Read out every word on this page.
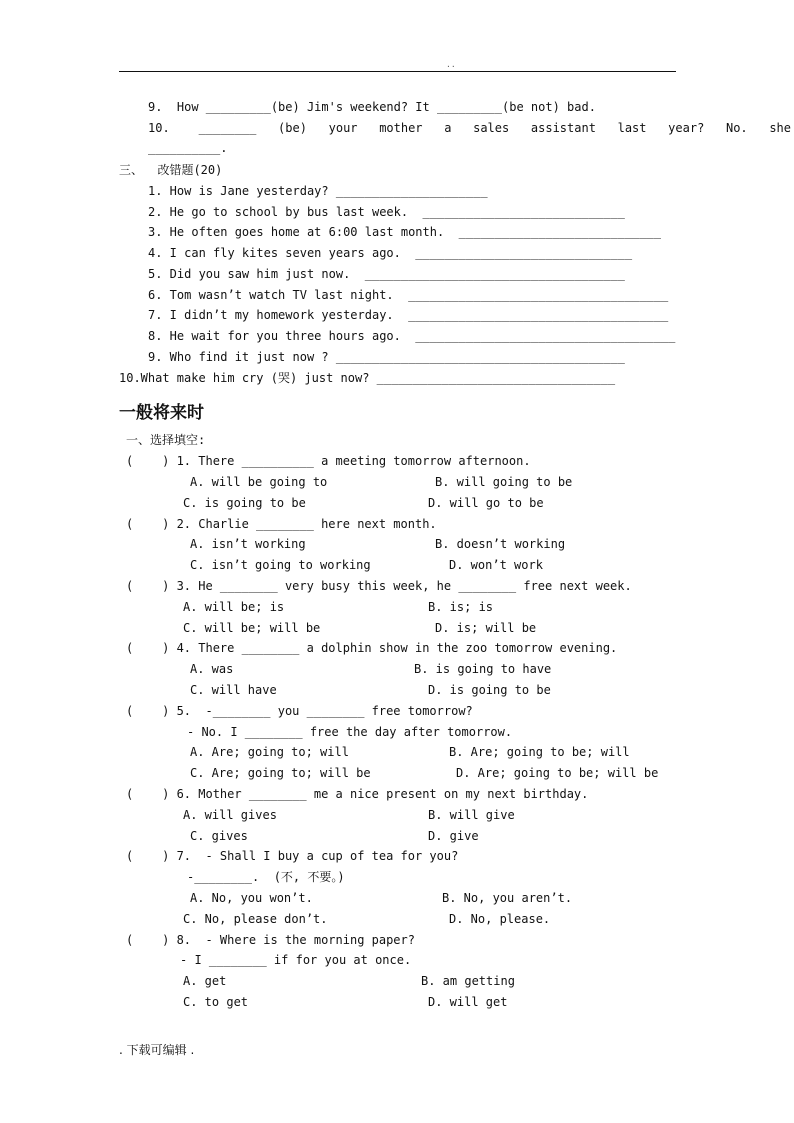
..
9.  How _________(be) Jim's weekend? It _________(be not) bad.
10.    ________   (be)   your   mother   a   sales   assistant   last   year?   No.   she
__________.
三、  改错题(20)
1. How is Jane yesterday? _____________________
2. He go to school by bus last week.  ____________________________
3. He often goes home at 6:00 last month.  ____________________________
4. I can fly kites seven years ago.  ______________________________
5. Did you saw him just now.  ____________________________________
6. Tom wasn’t watch TV last night.  ____________________________________
7. I didn’t my homework yesterday.  ____________________________________
8. He wait for you three hours ago.  ____________________________________
9. Who find it just now ? ________________________________________
10.What make him cry (哭) just now? _________________________________
一般将来时
一、选择填空:
(    ) 1. There __________ a meeting tomorrow afternoon.
A. will be going to	B. will going to be
C. is going to be	D. will go to be
(    ) 2. Charlie ________ here next month.
A. isn’t working	B. doesn’t working
C. isn’t going to working	D. won’t work
(    ) 3. He ________ very busy this week, he ________ free next week.
A. will be; is	B. is; is
C. will be; will be	D. is; will be
(    ) 4. There ________ a dolphin show in the zoo tomorrow evening.
A. was	B. is going to have
C. will have	D. is going to be
(    ) 5.  -________ you ________ free tomorrow?
- No. I ________ free the day after tomorrow.
A. Are; going to; will	B. Are; going to be; will
C. Are; going to; will be	D. Are; going to be; will be
(    ) 6. Mother ________ me a nice present on my next birthday.
A. will gives	B. will give
C. gives	D. give
(    ) 7.  - Shall I buy a cup of tea for you?
-________.  (不, 不要。)
A. No, you won’t.	B. No, you aren’t.
C. No, please don’t.	D. No, please.
(    ) 8.  - Where is the morning paper?
- I ________ if for you at once.
A. get	B. am getting
C. to get	D. will get
. 下载可编辑 .
